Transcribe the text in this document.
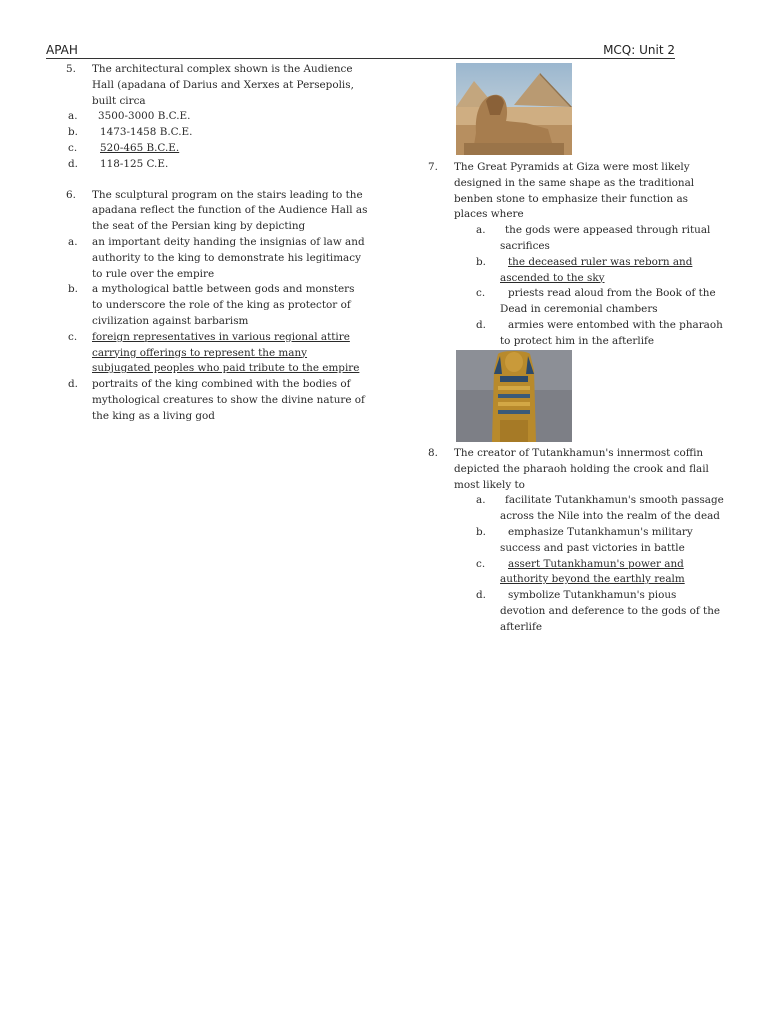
APAH	MCQ: Unit 2
5. The architectural complex shown is the Audience Hall (apadana of Darius and Xerxes at Persepolis, built circa
a. 3500-3000 B.C.E.
b. 1473-1458 B.C.E.
c. 520-465 B.C.E.
d. 118-125 C.E.
6. The sculptural program on the stairs leading to the apadana reflect the function of the Audience Hall as the seat of the Persian king by depicting
a. an important deity handing the insignias of law and authority to the king to demonstrate his legitimacy to rule over the empire
b. a mythological battle between gods and monsters to underscore the role of the king as protector of civilization against barbarism
c. foreign representatives in various regional attire carrying offerings to represent the many subjugated peoples who paid tribute to the empire
d. portraits of the king combined with the bodies of mythological creatures to show the divine nature of the king as a living god
7. The Great Pyramids at Giza were most likely designed in the same shape as the traditional benben stone to emphasize their function as places where
a. the gods were appeased through ritual sacrifices
b. the deceased ruler was reborn and ascended to the sky
c. priests read aloud from the Book of the Dead in ceremonial chambers
d. armies were entombed with the pharaoh to protect him in the afterlife
8. The creator of Tutankhamun's innermost coffin depicted the pharaoh holding the crook and flail most likely to
a. facilitate Tutankhamun's smooth passage across the Nile into the realm of the dead
b. emphasize Tutankhamun's military success and past victories in battle
c. assert Tutankhamun's power and authority beyond the earthly realm
d. symbolize Tutankhamun's pious devotion and deference to the gods of the afterlife
